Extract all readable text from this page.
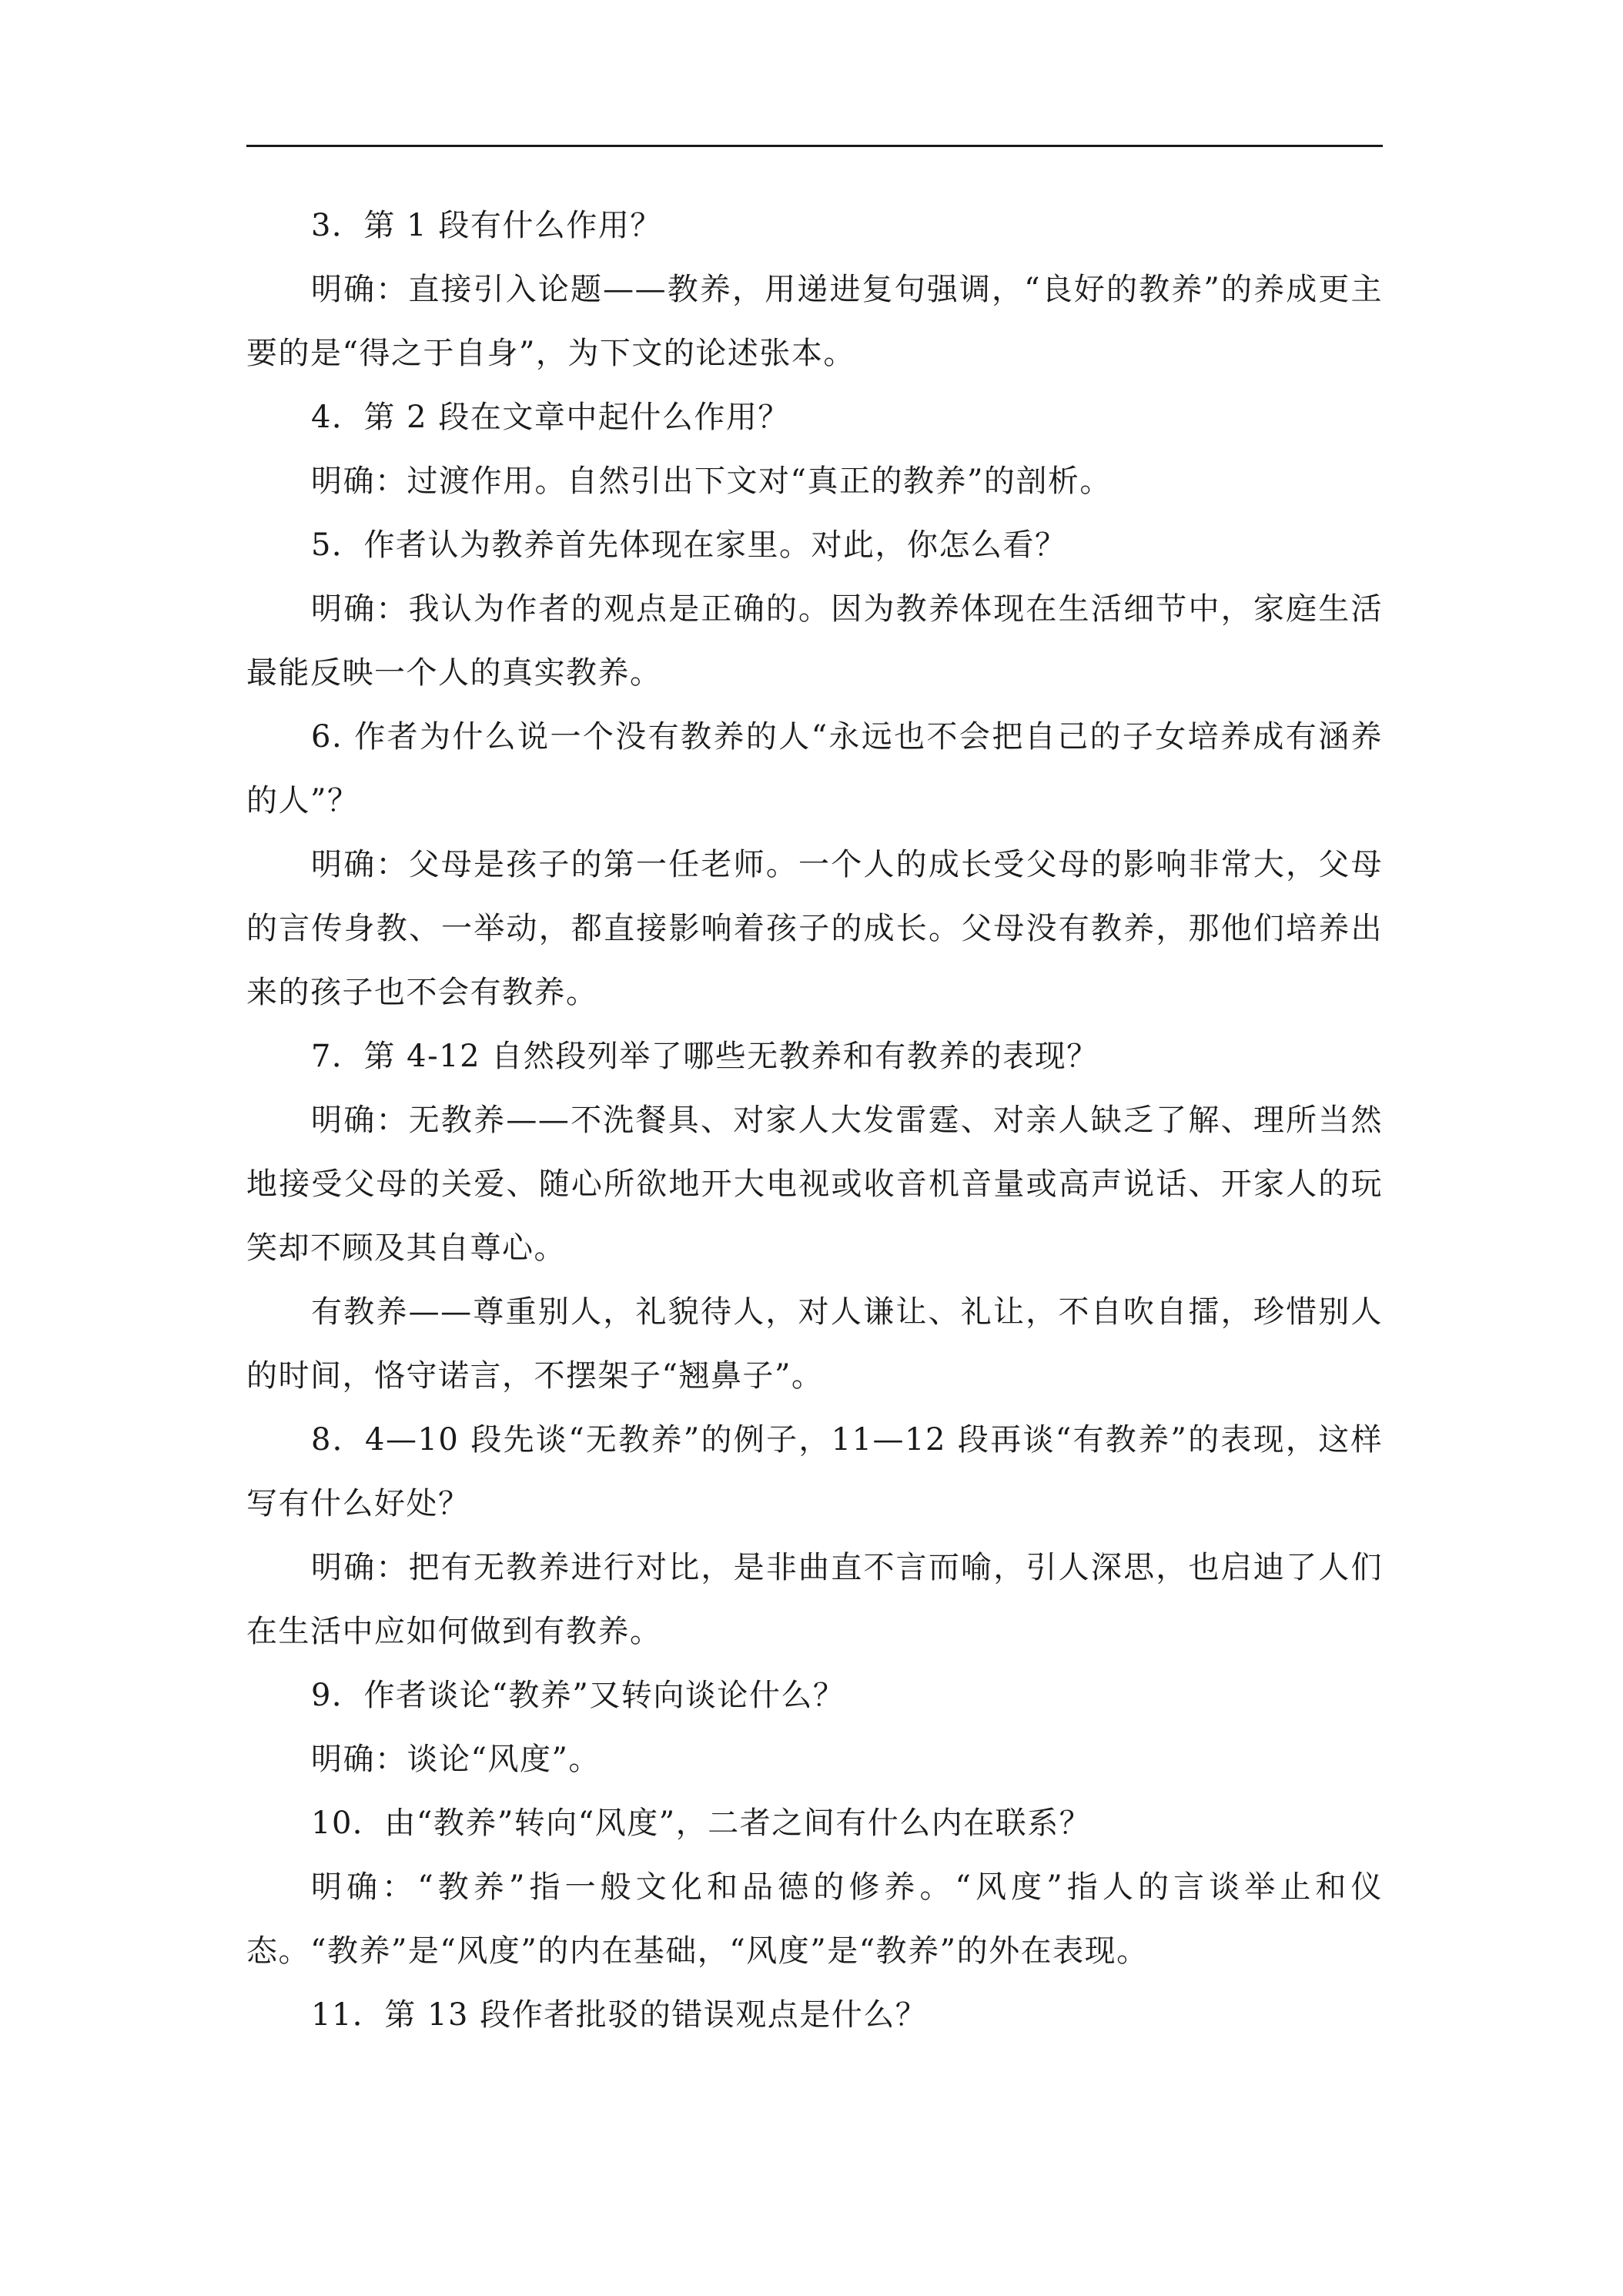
3．第 1 段有什么作用？

明确：直接引入论题——教养，用递进复句强调，“良好的教养”的养成更主要的是“得之于自身”，为下文的论述张本。

4．第 2 段在文章中起什么作用？

明确：过渡作用。自然引出下文对“真正的教养”的剖析。

5．作者认为教养首先体现在家里。对此，你怎么看？

明确：我认为作者的观点是正确的。因为教养体现在生活细节中，家庭生活最能反映一个人的真实教养。

6. 作者为什么说一个没有教养的人“永远也不会把自己的子女培养成有涵养的人”？

明确：父母是孩子的第一任老师。一个人的成长受父母的影响非常大，父母的言传身教、一举动，都直接影响着孩子的成长。父母没有教养，那他们培养出来的孩子也不会有教养。

7．第 4-12 自然段列举了哪些无教养和有教养的表现？

明确：无教养——不洗餐具、对家人大发雷霆、对亲人缺乏了解、理所当然地接受父母的关爱、随心所欲地开大电视或收音机音量或高声说话、开家人的玩笑却不顾及其自尊心。

有教养——尊重别人，礼貌待人，对人谦让、礼让，不自吹自擂，珍惜别人的时间，恪守诺言，不摆架子“翘鼻子”。

8．4—10 段先谈“无教养”的例子，11—12 段再谈“有教养”的表现，这样写有什么好处？

明确：把有无教养进行对比，是非曲直不言而喻，引人深思，也启迪了人们在生活中应如何做到有教养。

9．作者谈论“教养”又转向谈论什么？

明确：谈论“风度”。

10．由“教养”转向“风度”，二者之间有什么内在联系？

明确：“教养”指一般文化和品德的修养。“风度”指人的言谈举止和仪态。“教养”是“风度”的内在基础，“风度”是“教养”的外在表现。

11．第 13 段作者批驳的错误观点是什么？
